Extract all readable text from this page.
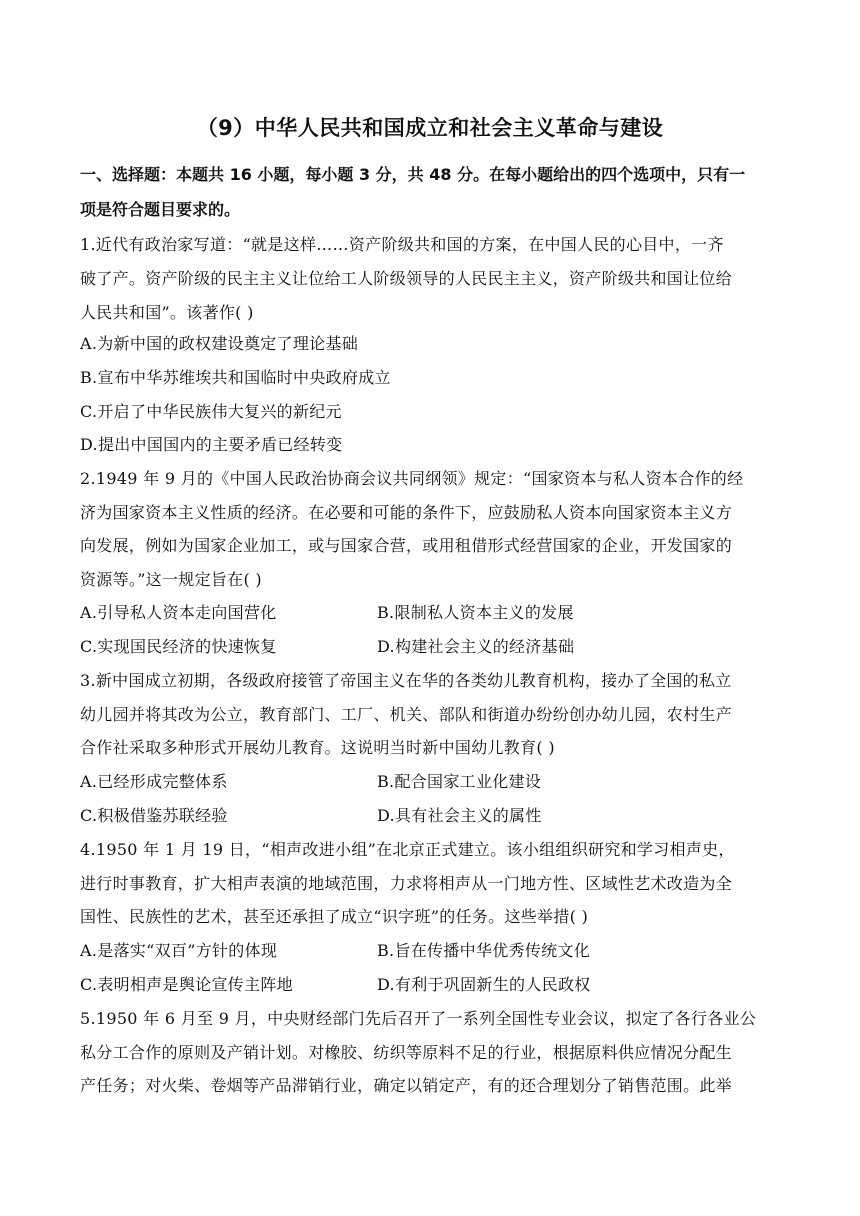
（9）中华人民共和国成立和社会主义革命与建设
一、选择题：本题共 16 小题，每小题 3 分，共 48 分。在每小题给出的四个选项中，只有一
项是符合题目要求的。
1.近代有政治家写道：“就是这样……资产阶级共和国的方案，在中国人民的心目中，一齐
破了产。资产阶级的民主主义让位给工人阶级领导的人民民主主义，资产阶级共和国让位给
人民共和国”。该著作( )
A.为新中国的政权建设奠定了理论基础
B.宣布中华苏维埃共和国临时中央政府成立
C.开启了中华民族伟大复兴的新纪元
D.提出中国国内的主要矛盾已经转变
2.1949 年 9 月的《中国人民政治协商会议共同纲领》规定：“国家资本与私人资本合作的经
济为国家资本主义性质的经济。在必要和可能的条件下，应鼓励私人资本向国家资本主义方
向发展，例如为国家企业加工，或与国家合营，或用租借形式经营国家的企业，开发国家的
资源等。”这一规定旨在( )
A.引导私人资本走向国营化	B.限制私人资本主义的发展
C.实现国民经济的快速恢复	D.构建社会主义的经济基础
3.新中国成立初期，各级政府接管了帝国主义在华的各类幼儿教育机构，接办了全国的私立
幼儿园并将其改为公立，教育部门、工厂、机关、部队和街道办纷纷创办幼儿园，农村生产
合作社采取多种形式开展幼儿教育。这说明当时新中国幼儿教育( )
A.已经形成完整体系	B.配合国家工业化建设
C.积极借鉴苏联经验	D.具有社会主义的属性
4.1950 年 1 月 19 日，“相声改进小组”在北京正式建立。该小组组织研究和学习相声史，
进行时事教育，扩大相声表演的地域范围，力求将相声从一门地方性、区域性艺术改造为全
国性、民族性的艺术，甚至还承担了成立“识字班”的任务。这些举措( )
A.是落实“双百”方针的体现	B.旨在传播中华优秀传统文化
C.表明相声是舆论宣传主阵地	D.有利于巩固新生的人民政权
5.1950 年 6 月至 9 月，中央财经部门先后召开了一系列全国性专业会议，拟定了各行各业公
私分工合作的原则及产销计划。对橡胶、纺织等原料不足的行业，根据原料供应情况分配生
产任务；对火柴、卷烟等产品滞销行业，确定以销定产，有的还合理划分了销售范围。此举
